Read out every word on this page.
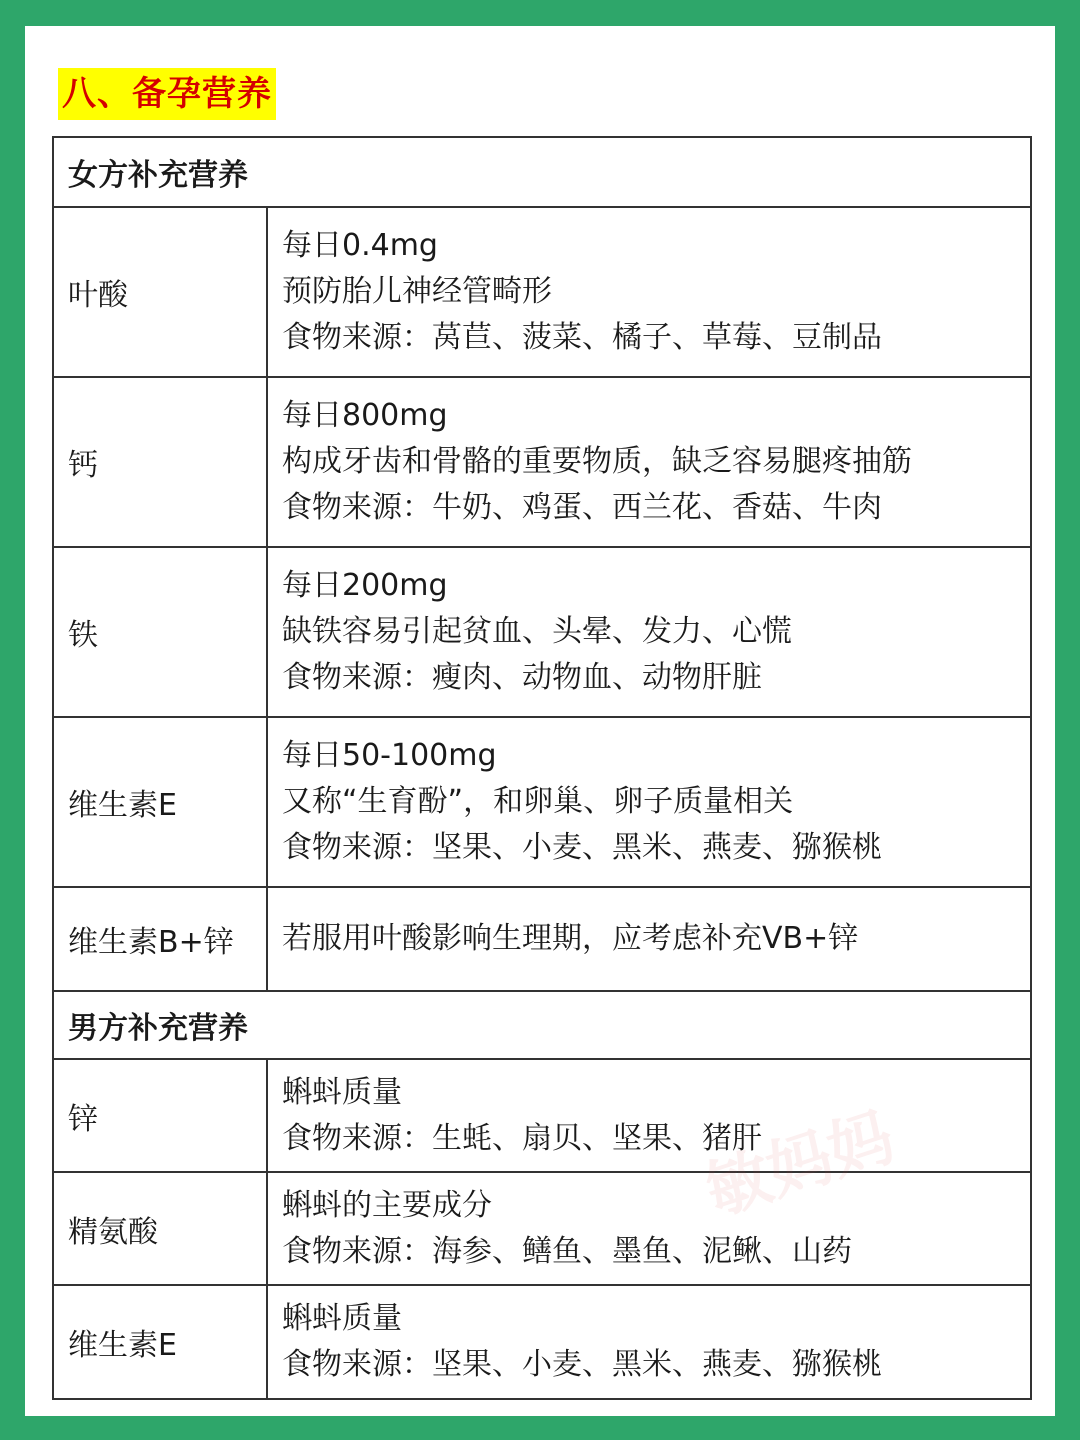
八、备孕营养
女方补充营养
叶酸
每日0.4mg
预防胎儿神经管畸形
食物来源：莴苣、菠菜、橘子、草莓、豆制品
钙
每日800mg
构成牙齿和骨骼的重要物质，缺乏容易腿疼抽筋
食物来源：牛奶、鸡蛋、西兰花、香菇、牛肉
铁
每日200mg
缺铁容易引起贫血、头晕、发力、心慌
食物来源：瘦肉、动物血、动物肝脏
维生素E
每日50-100mg
又称“生育酚”，和卵巢、卵子质量相关
食物来源：坚果、小麦、黑米、燕麦、猕猴桃
维生素B+锌	若服用叶酸影响生理期，应考虑补充VB+锌
男方补充营养
锌
蝌蚪质量
食物来源：生蚝、扇贝、坚果、猪肝
精氨酸
蝌蚪的主要成分
食物来源：海参、鳝鱼、墨鱼、泥鳅、山药
维生素E
蝌蚪质量
食物来源：坚果、小麦、黑米、燕麦、猕猴桃
